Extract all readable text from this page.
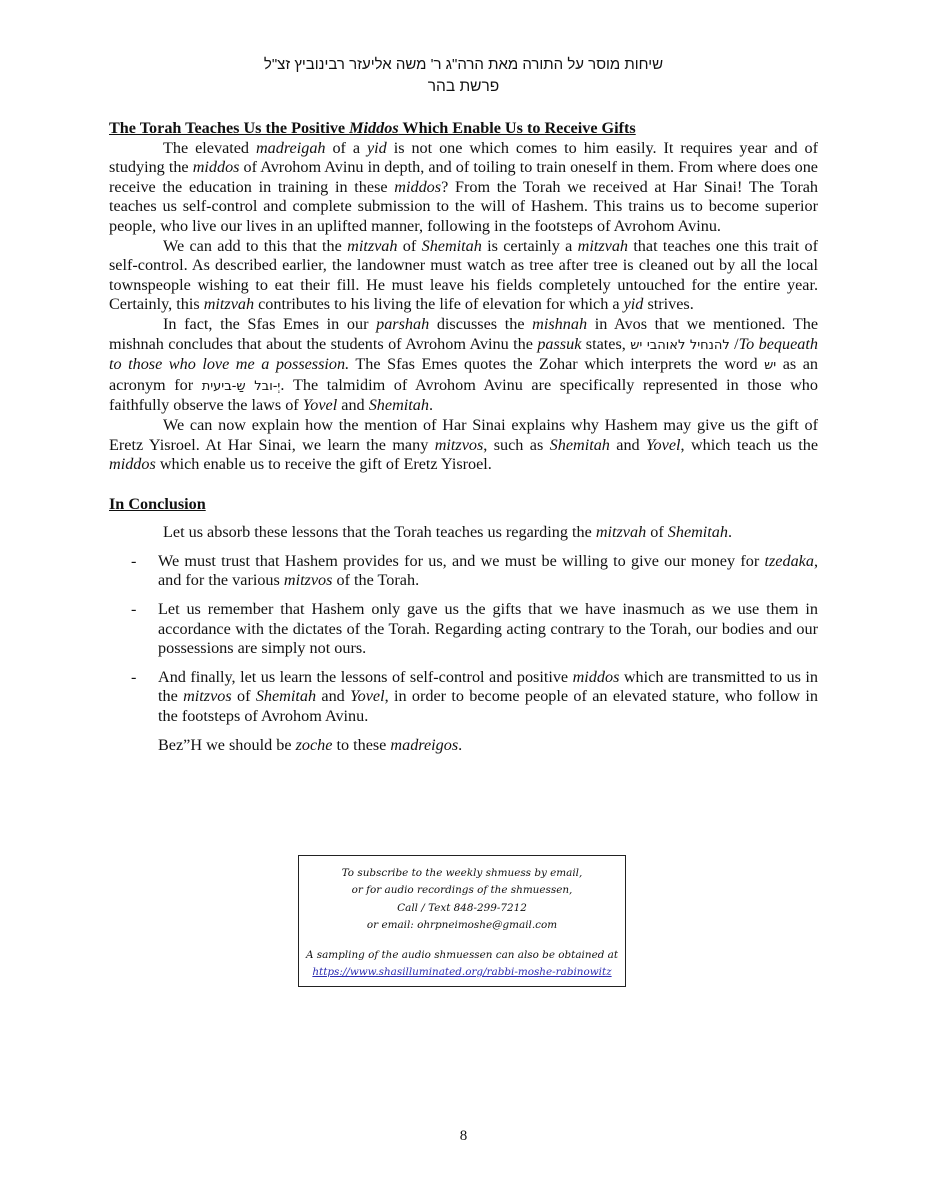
שיחות מוסר על התורה מאת הרה"ג ר' משה אליעזר רבינוביץ זצ"ל
פרשת בהר

The Torah Teaches Us the Positive Middos Which Enable Us to Receive Gifts

The elevated madreigah of a yid is not one which comes to him easily. It requires year and of studying the middos of Avrohom Avinu in depth, and of toiling to train oneself in them. From where does one receive the education in training in these middos? From the Torah we received at Har Sinai! The Torah teaches us self-control and complete submission to the will of Hashem. This trains us to become superior people, who live our lives in an uplifted manner, following in the footsteps of Avrohom Avinu.

We can add to this that the mitzvah of Shemitah is certainly a mitzvah that teaches one this trait of self-control. As described earlier, the landowner must watch as tree after tree is cleaned out by all the local townspeople wishing to eat their fill. He must leave his fields completely untouched for the entire year. Certainly, this mitzvah contributes to his living the life of elevation for which a yid strives.

In fact, the Sfas Emes in our parshah discusses the mishnah in Avos that we mentioned. The mishnah concludes that about the students of Avrohom Avinu the passuk states, להנחיל לאוהבי יש /To bequeath to those who love me a possession. The Sfas Emes quotes the Zohar which interprets the word יש as an acronym for יְ-ובל שַ-ביעית. The talmidim of Avrohom Avinu are specifically represented in those who faithfully observe the laws of Yovel and Shemitah.

We can now explain how the mention of Har Sinai explains why Hashem may give us the gift of Eretz Yisroel. At Har Sinai, we learn the many mitzvos, such as Shemitah and Yovel, which teach us the middos which enable us to receive the gift of Eretz Yisroel.

In Conclusion

Let us absorb these lessons that the Torah teaches us regarding the mitzvah of Shemitah.

- We must trust that Hashem provides for us, and we must be willing to give our money for tzedaka, and for the various mitzvos of the Torah.

- Let us remember that Hashem only gave us the gifts that we have inasmuch as we use them in accordance with the dictates of the Torah. Regarding acting contrary to the Torah, our bodies and our possessions are simply not ours.

- And finally, let us learn the lessons of self-control and positive middos which are transmitted to us in the mitzvos of Shemitah and Yovel, in order to become people of an elevated stature, who follow in the footsteps of Avrohom Avinu.

Bez”H we should be zoche to these madreigos.

To subscribe to the weekly shmuess by email,
or for audio recordings of the shmuessen,
Call / Text 848-299-7212
or email: ohrpneimoshe@gmail.com
A sampling of the audio shmuessen can also be obtained at
https://www.shasilluminated.org/rabbi-moshe-rabinowitz
8
